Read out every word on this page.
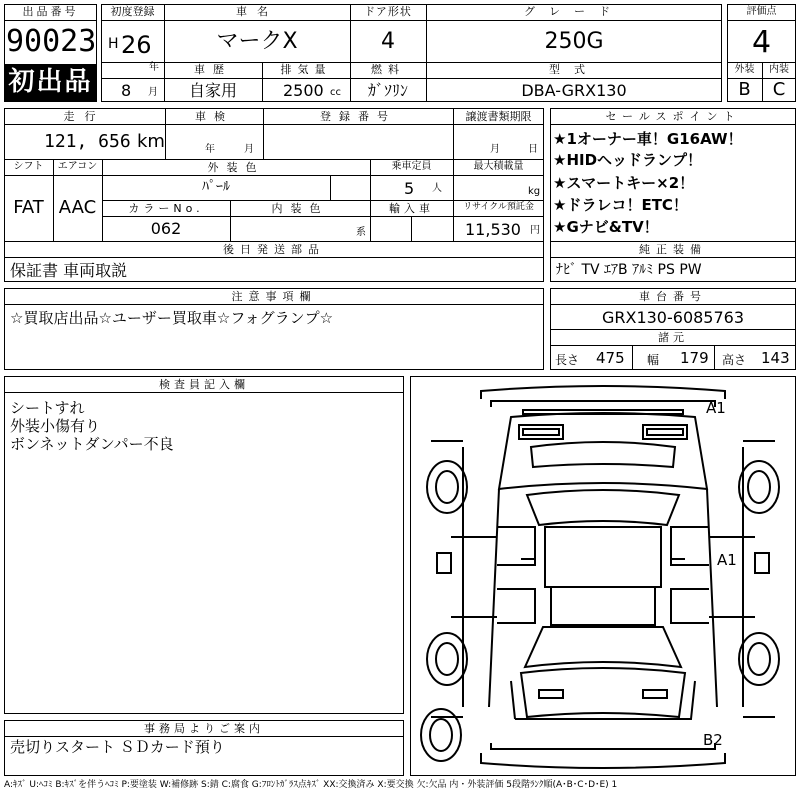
出品番号
90023
初出品
初度登録
H 26
年
8 月
車名
マークX
ドア形状
4
グレード
250G
車歴
自家用
排気量
2500 cc
燃料
ｶﾞｿﾘﾝ
型式
DBA-GRX130
評価点
4
外装	内装
B	C
走行
121, 656 km
車検
年	月
登録番号	譲渡書類期限
月	日
シフト
FAT
エアコン
AAC
外装色
ﾊﾟｰﾙ
乗車定員
5 人
最大積載量
kg
カラーNo.
062
内装色
系
輸入車	リサイクル預託金
11,530 円
後日発送部品
保証書 車両取説
セールスポイント
★1オーナー車！G16AW！
★HIDヘッドランプ！
★スマートキー×2！
★ドラレコ！ETC！
★Gナビ&TV！
純正装備
ﾅﾋﾞ TV ｴｱB ｱﾙﾐ PS PW
注意事項欄
☆買取店出品☆ユーザー買取車☆フォグランプ☆
車台番号
GRX130-6085763
諸元
長さ 475 幅 179 高さ 143
検査員記入欄
シートすれ
外装小傷有り
ボンネットダンパー不良
事務局よりご案内
売切りスタート ＳＤカード預り
A1
A1
B2
A:ｷｽﾞ U:ﾍｺﾐ B:ｷｽﾞを伴うﾍｺﾐ P:要塗装 W:補修跡 S:錆 C:腐食 G:ﾌﾛﾝﾄｶﾞﾗｽ点ｷｽﾞ XX:交換済み X:要交換 欠:欠品 内・外装評価 5段階ﾗﾝｸ順(A･B･C･D･E) 1
